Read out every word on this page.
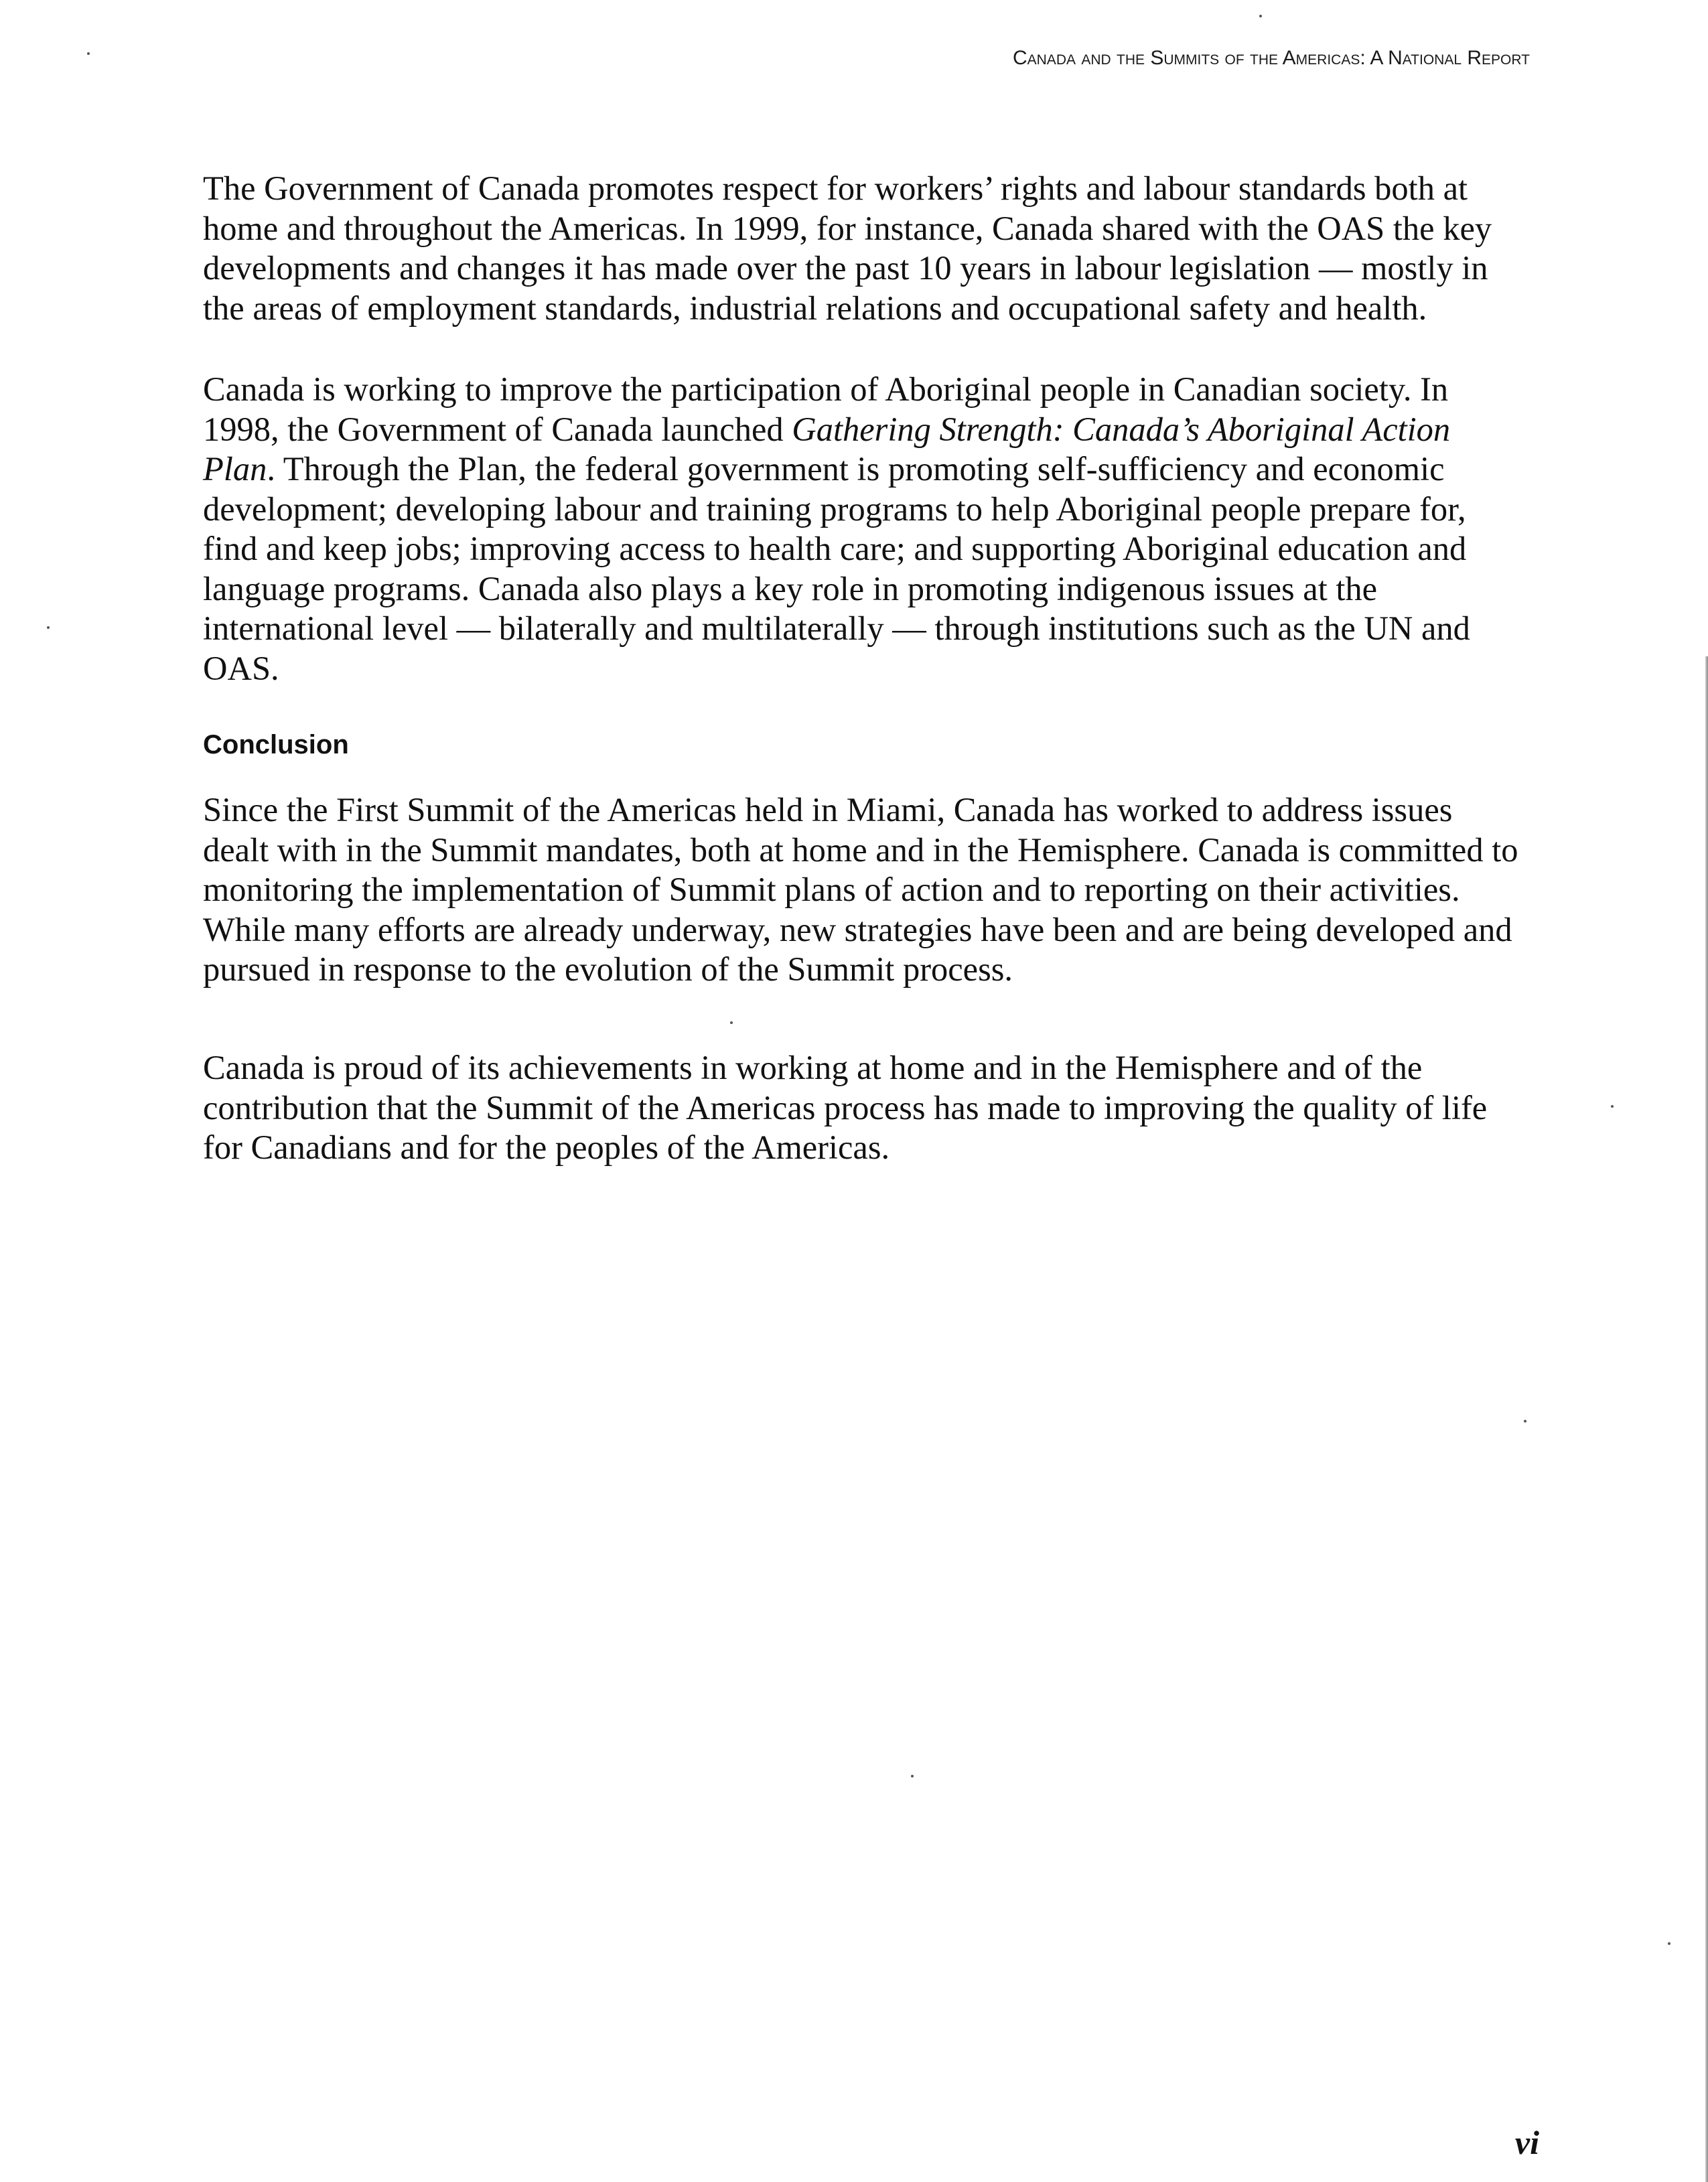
Canada and the Summits of the Americas: A National Report
The Government of Canada promotes respect for workers’ rights and labour standards both at
home and throughout the Americas. In 1999, for instance, Canada shared with the OAS the key
developments and changes it has made over the past 10 years in labour legislation — mostly in
the areas of employment standards, industrial relations and occupational safety and health.
Canada is working to improve the participation of Aboriginal people in Canadian society. In
1998, the Government of Canada launched Gathering Strength: Canada’s Aboriginal Action
Plan. Through the Plan, the federal government is promoting self-sufficiency and economic
development; developing labour and training programs to help Aboriginal people prepare for,
find and keep jobs; improving access to health care; and supporting Aboriginal education and
language programs. Canada also plays a key role in promoting indigenous issues at the
international level — bilaterally and multilaterally — through institutions such as the UN and
OAS.
Conclusion
Since the First Summit of the Americas held in Miami, Canada has worked to address issues
dealt with in the Summit mandates, both at home and in the Hemisphere. Canada is committed to
monitoring the implementation of Summit plans of action and to reporting on their activities.
While many efforts are already underway, new strategies have been and are being developed and
pursued in response to the evolution of the Summit process.
Canada is proud of its achievements in working at home and in the Hemisphere and of the
contribution that the Summit of the Americas process has made to improving the quality of life
for Canadians and for the peoples of the Americas.
vi
